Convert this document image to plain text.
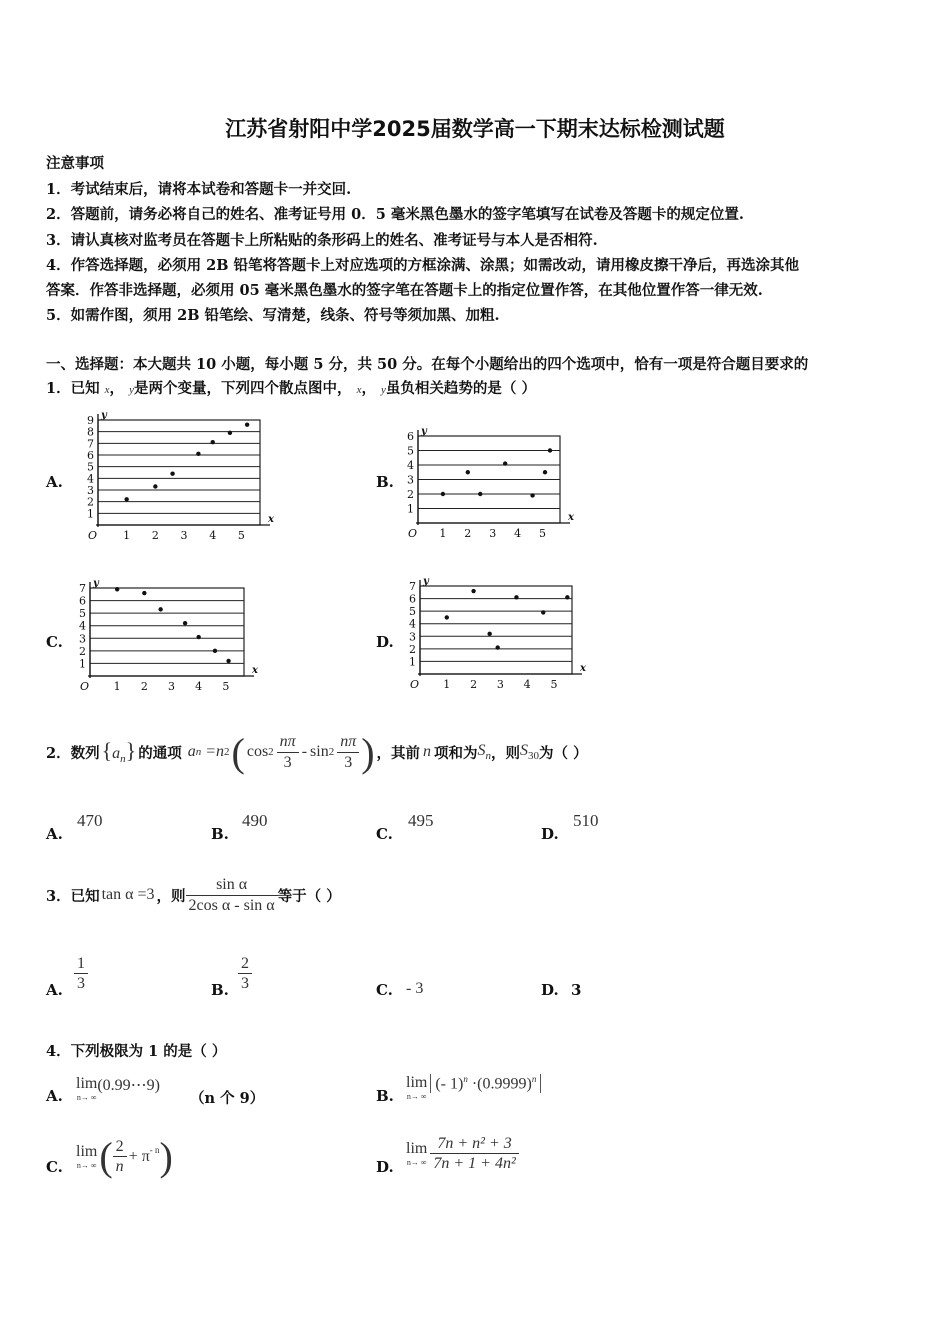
江苏省射阳中学2025届数学高一下期末达标检测试题
注意事项
1．考试结束后，请将本试卷和答题卡一并交回.
2．答题前，请务必将自己的姓名、准考证号用 0．5 毫米黑色墨水的签字笔填写在试卷及答题卡的规定位置.
3．请认真核对监考员在答题卡上所粘贴的条形码上的姓名、准考证号与本人是否相符.
4．作答选择题，必须用 2B 铅笔将答题卡上对应选项的方框涂满、涂黑；如需改动，请用橡皮擦干净后，再选涂其他
答案．作答非选择题，必须用 05 毫米黑色墨水的签字笔在答题卡上的指定位置作答，在其他位置作答一律无效.
5．如需作图，须用 2B 铅笔绘、写清楚，线条、符号等须加黑、加粗.
一、选择题：本大题共 10 小题，每小题 5 分，共 50 分。在每个小题给出的四个选项中，恰有一项是符合题目要求的
1．已知 x， y是两个变量，下列四个散点图中， x， y虽负相关趋势的是（ ）
A.	B.
C.	D.
1
2
3
4
5
6
7
8
9
1 2 3 4 5
O
x
y
1
2
3
4
5
6
1 2 3 4 5
O
x
y
1
2
3
4
5
6
7
1 2 3 4 5
O
x
y
1
2
3
4
5
6
7
1 2 3 4 5
O
x
y
2． 数列 $\{a_n\}$ 的通项 a n =n 2 ( $\cos 2 \frac{n\pi}{3}$ - $\sin 2 \frac{n\pi}{3}$ ) ，其前 n 项和为 $S_n$ ，则 $S_{30}$ 为（ ）
A.
470
B.
490
C.
495
D.
510
3． 已知 tan α =3 ，则 $\frac{\text{sin α}}{\text{2cos α - sin α}}$ 等于（ ）
A. $\frac{1}{3}$	B. $\frac{2}{3}$	C. - 3	D. 3
4．下列极限为 1 的是（ ）
A.
lim
n→ ∞
(0.99⋯9)
（n 个 9）	B.
lim
n→ ∞
(- $1)^n \cdot(0.9999)^n$
C.
lim
n→ ∞ ( $\frac{2}{n} + \pi^{- n}$ )	D.
lim
n→ ∞ $\frac{\text{7n + n² + 3}}{\text{7n + 1 + 4n²}}$
